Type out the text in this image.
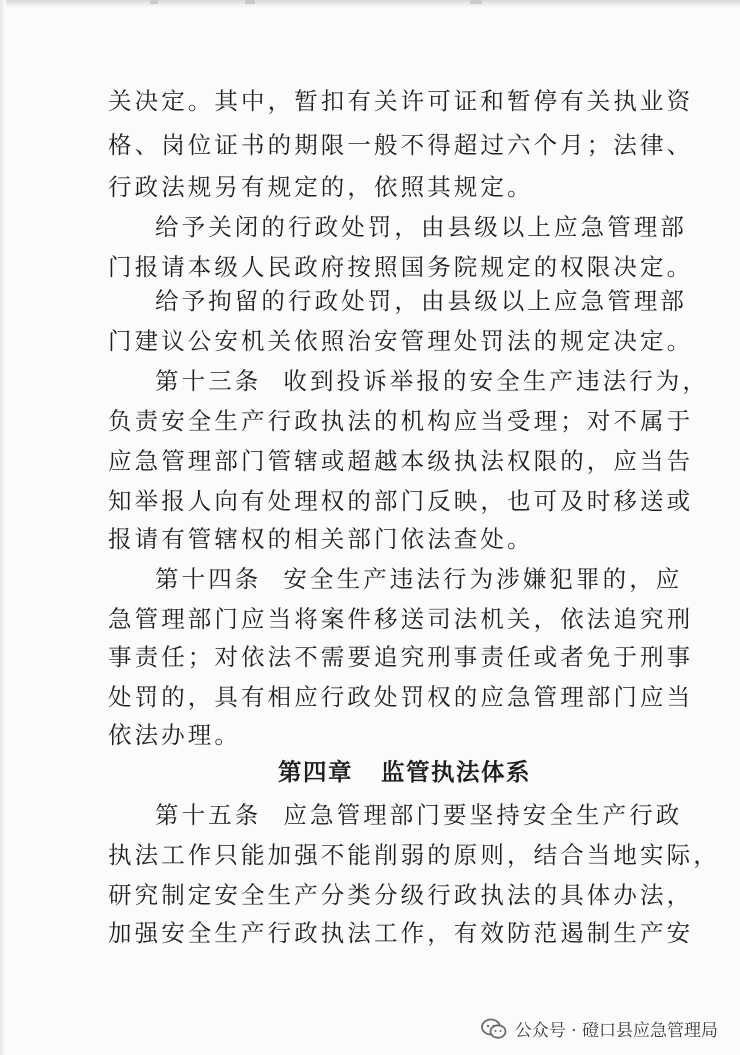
关决定。其中，暂扣有关许可证和暂停有关执业资
格、岗位证书的期限一般不得超过六个月；法律、
行政法规另有规定的，依照其规定。
给予关闭的行政处罚，由县级以上应急管理部
门报请本级人民政府按照国务院规定的权限决定。
给予拘留的行政处罚，由县级以上应急管理部
门建议公安机关依照治安管理处罚法的规定决定。
第十三条 收到投诉举报的安全生产违法行为，
负责安全生产行政执法的机构应当受理；对不属于
应急管理部门管辖或超越本级执法权限的，应当告
知举报人向有处理权的部门反映，也可及时移送或
报请有管辖权的相关部门依法查处。
第十四条 安全生产违法行为涉嫌犯罪的，应
急管理部门应当将案件移送司法机关，依法追究刑
事责任；对依法不需要追究刑事责任或者免于刑事
处罚的，具有相应行政处罚权的应急管理部门应当
依法办理。
第四章 监管执法体系
第十五条 应急管理部门要坚持安全生产行政
执法工作只能加强不能削弱的原则，结合当地实际，
研究制定安全生产分类分级行政执法的具体办法，
加强安全生产行政执法工作，有效防范遏制生产安
公众号 · 磴口县应急管理局
